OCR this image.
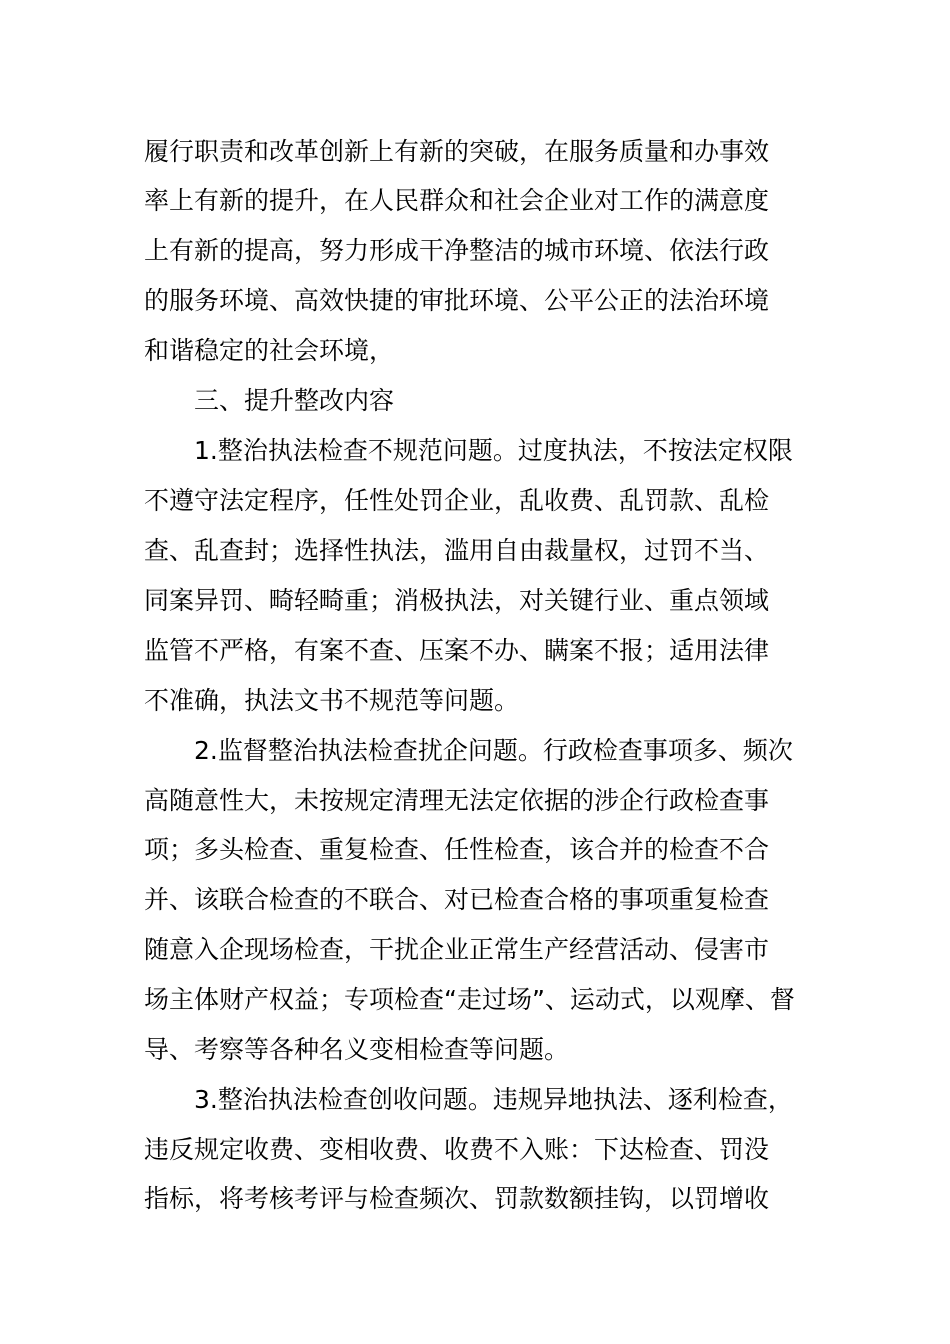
履行职责和改革创新上有新的突破，在服务质量和办事效
率上有新的提升，在人民群众和社会企业对工作的满意度
上有新的提高，努力形成干净整洁的城市环境、依法行政
的服务环境、高效快捷的审批环境、公平公正的法治环境
和谐稳定的社会环境，
三、提升整改内容
1.整治执法检查不规范问题。过度执法，不按法定权限
不遵守法定程序，任性处罚企业，乱收费、乱罚款、乱检
查、乱查封；选择性执法，滥用自由裁量权，过罚不当、
同案异罚、畸轻畸重；消极执法，对关键行业、重点领域
监管不严格，有案不查、压案不办、瞒案不报；适用法律
不准确，执法文书不规范等问题。
2.监督整治执法检查扰企问题。行政检查事项多、频次
高随意性大，未按规定清理无法定依据的涉企行政检查事
项；多头检查、重复检查、任性检查，该合并的检查不合
并、该联合检查的不联合、对已检查合格的事项重复检查
随意入企现场检查，干扰企业正常生产经营活动、侵害市
场主体财产权益；专项检查“走过场”、运动式，以观摩、督
导、考察等各种名义变相检查等问题。
3.整治执法检查创收问题。违规异地执法、逐利检查，
违反规定收费、变相收费、收费不入账：下达检查、罚没
指标，将考核考评与检查频次、罚款数额挂钩，以罚增收
